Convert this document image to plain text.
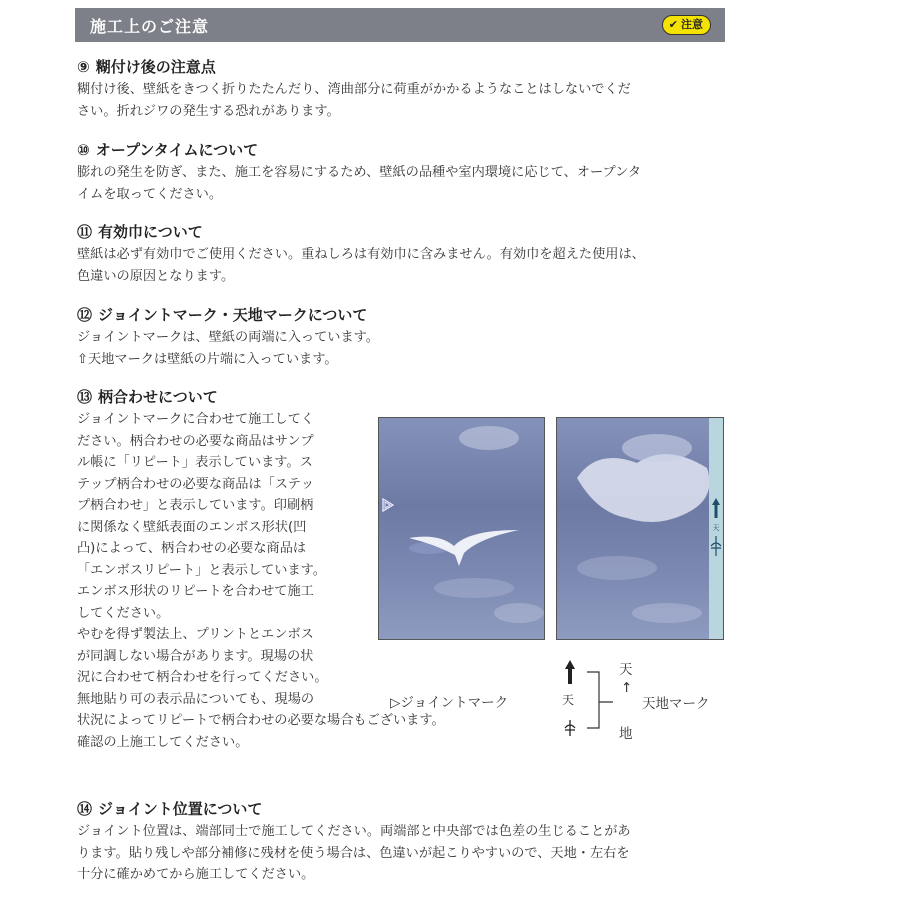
施工上のご注意	✔ 注意
⑨ 糊付け後の注意点
糊付け後、壁紙をきつく折りたたんだり、湾曲部分に荷重がかかるようなことはしないでくだ
さい。折れジワの発生する恐れがあります。
⑩ オープンタイムについて
膨れの発生を防ぎ、また、施工を容易にするため、壁紙の品種や室内環境に応じて、オープンタ
イムを取ってください。
⑪ 有効巾について
壁紙は必ず有効巾でご使用ください。重ねしろは有効巾に含みません。有効巾を超えた使用は、
色違いの原因となります。
⑫ ジョイントマーク・天地マークについて
ジョイントマークは、壁紙の両端に入っています。
⇧天地マークは壁紙の片端に入っています。
⑬ 柄合わせについて
ジョイントマークに合わせて施工してく
ださい。柄合わせの必要な商品はサンプ
ル帳に「リピート」表示しています。ス
テップ柄合わせの必要な商品は「ステッ
プ柄合わせ」と表示しています。印刷柄
に関係なく壁紙表面のエンボス形状(凹
凸)によって、柄合わせの必要な商品は
「エンボスリピート」と表示しています。
エンボス形状のリピートを合わせて施工
してください。
やむを得ず製法上、プリントとエンボス
が同調しない場合があります。現場の状
況に合わせて柄合わせを行ってください。
無地貼り可の表示品についても、現場の
状況によってリピートで柄合わせの必要な場合もございます。
確認の上施工してください。
天
▷ジョイントマーク	天
天
↑
地
天地マーク
⑭ ジョイント位置について
ジョイント位置は、端部同士で施工してください。両端部と中央部では色差の生じることがあ
ります。貼り残しや部分補修に残材を使う場合は、色違いが起こりやすいので、天地・左右を
十分に確かめてから施工してください。
